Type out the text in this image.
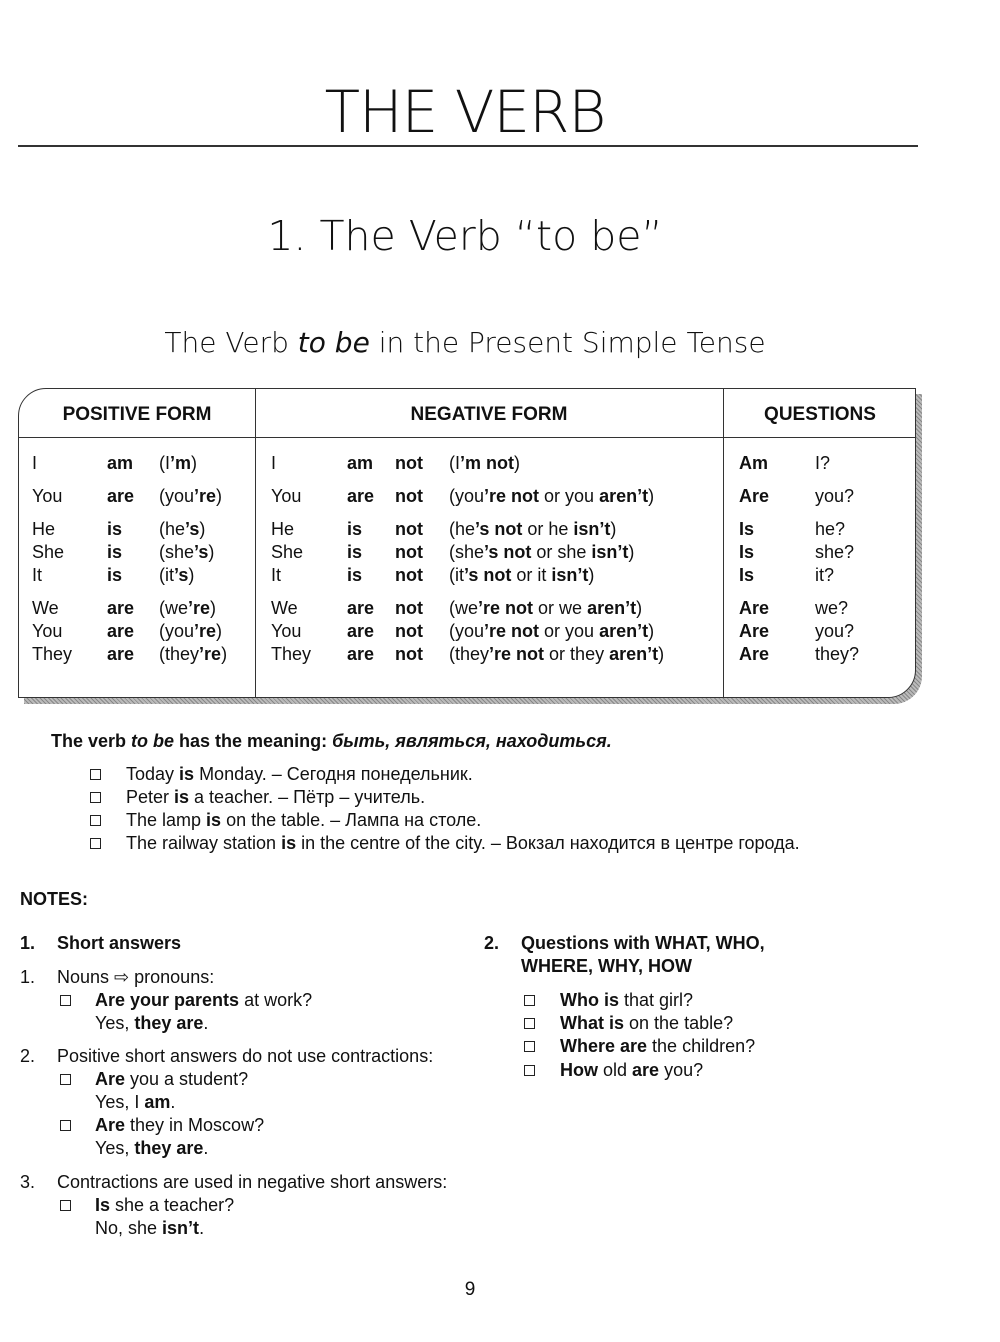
THE VERB
1. The Verb “to be”
The Verb to be in the Present Simple Tense
POSITIVE FORM	NEGATIVE FORM	QUESTIONS
I	am (I’m)	I	am not (I’m not)	Am	I?
You are (you’re)	You	are not (you’re not or you aren’t)	Are	you?
He	is (he’s)	He	is not (he’s not or he isn’t)	Is	he?
She is (she’s)	She is not (she’s not or she isn’t)	Is	she?
It	is (it’s)	It	is not (it’s not or it isn’t)	Is	it?
We	are (we’re)	We	are not (we’re not or we aren’t)	Are	we?
You are (you’re)	You	are not (you’re not or you aren’t)	Are	you?
They are (they’re) They are not (they’re not or they aren’t)	Are	they?
The verb to be has the meaning: быть, являться, находиться.
Today is Monday. – Сегодня понедельник.
Peter is a teacher. – Пётр – учитель.
The lamp is on the table. – Лампа на столе.
The railway station is in the centre of the city. – Вокзал находится в центре города.
NOTES:
1. Short answers
1. Nouns ⇨ pronouns:
Are your parents at work?
Yes, they are.
2. Positive short answers do not use contractions:
Are you a student?
Yes, I am.
Are they in Moscow?
Yes, they are.
3. Contractions are used in negative short answers:
Is she a teacher?
No, she isn’t.
2. Questions with WHAT, WHO,
WHERE, WHY, HOW
Who is that girl?
What is on the table?
Where are the children?
How old are you?
9
